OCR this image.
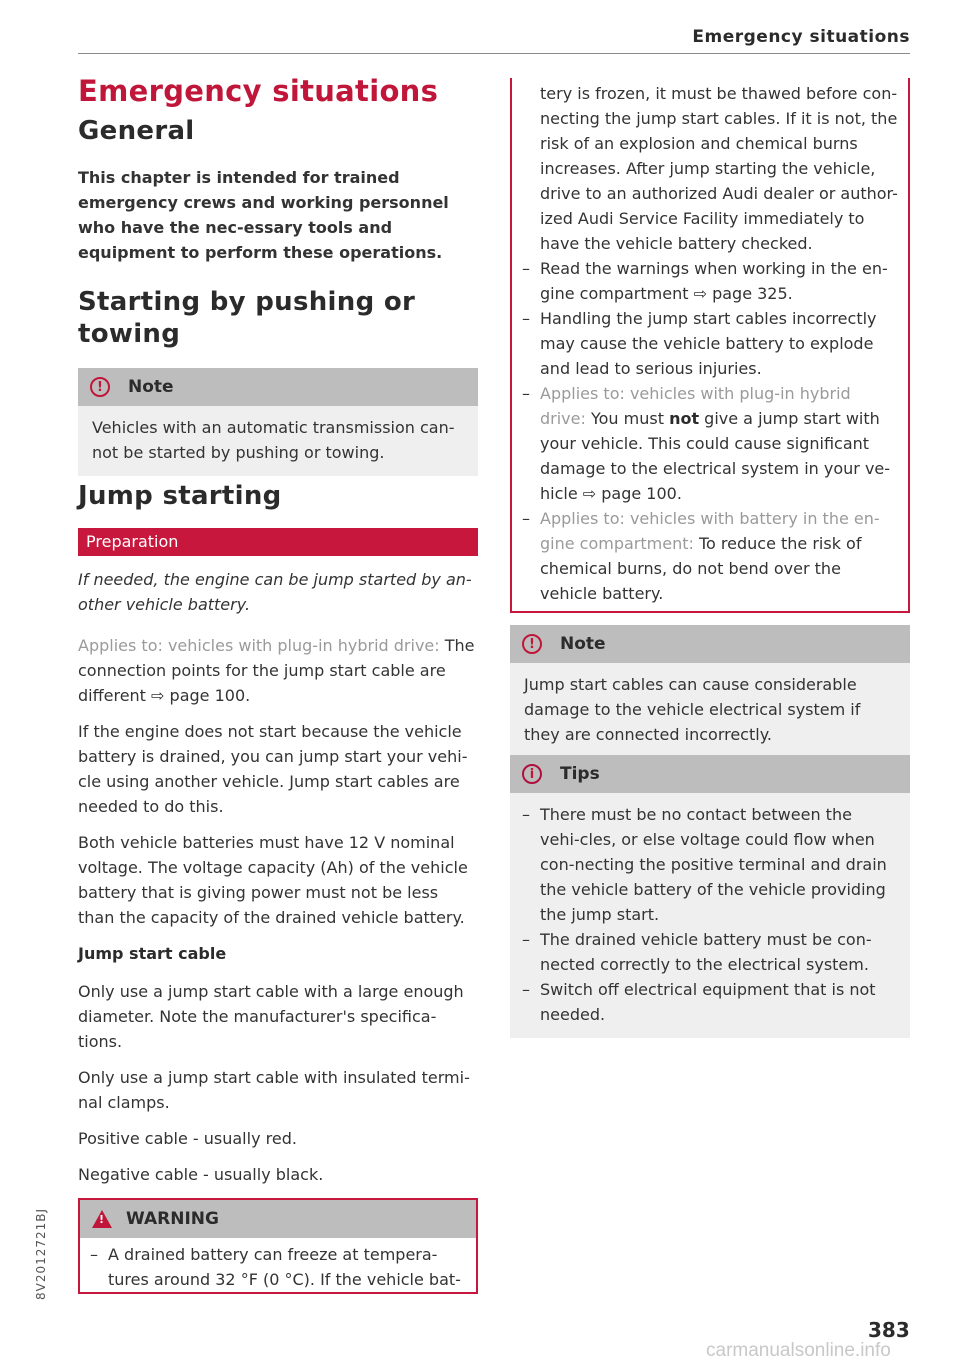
Emergency situations
Emergency situations
General

This chapter is intended for trained emergency crews and working personnel who have the nec-essary tools and equipment to perform these operations.

Starting by pushing or towing
!	Note
Vehicles with an automatic transmission can-not be started by pushing or towing.
Jump starting
Preparation

If needed, the engine can be jump started by an-other vehicle battery.

Applies to: vehicles with plug-in hybrid drive: The connection points for the jump start cable are different ⇨ page 100.

If the engine does not start because the vehicle battery is drained, you can jump start your vehi-cle using another vehicle. Jump start cables are needed to do this.

Both vehicle batteries must have 12 V nominal voltage. The voltage capacity (Ah) of the vehicle battery that is giving power must not be less than the capacity of the drained vehicle battery.

Jump start cable

Only use a jump start cable with a large enough diameter. Note the manufacturer's specifica-tions.

Only use a jump start cable with insulated termi-nal clamps.

Positive cable - usually red.

Negative cable - usually black.

!
WARNING
– A drained battery can freeze at tempera-tures around 32 °F (0 °C). If the vehicle bat-
tery is frozen, it must be thawed before con-necting the jump start cables. If it is not, the risk of an explosion and chemical burns increases. After jump starting the vehicle, drive to an authorized Audi dealer or author-ized Audi Service Facility immediately to have the vehicle battery checked.
– Read the warnings when working in the en-gine compartment ⇨ page 325.
– Handling the jump start cables incorrectly may cause the vehicle battery to explode and lead to serious injuries.
– Applies to: vehicles with plug-in hybrid drive: You must not give a jump start with your vehicle. This could cause significant damage to the electrical system in your ve-hicle ⇨ page 100.
– Applies to: vehicles with battery in the en-gine compartment: To reduce the risk of chemical burns, do not bend over the vehicle battery.
!	Note
Jump start cables can cause considerable damage to the vehicle electrical system if they are connected incorrectly.
i	Tips
– There must be no contact between the vehi-cles, or else voltage could flow when con-necting the positive terminal and drain the vehicle battery of the vehicle providing the jump start.
– The drained vehicle battery must be con-nected correctly to the electrical system.
– Switch off electrical equipment that is not needed.
8V2012721BJ
383
carmanualsonline.info
